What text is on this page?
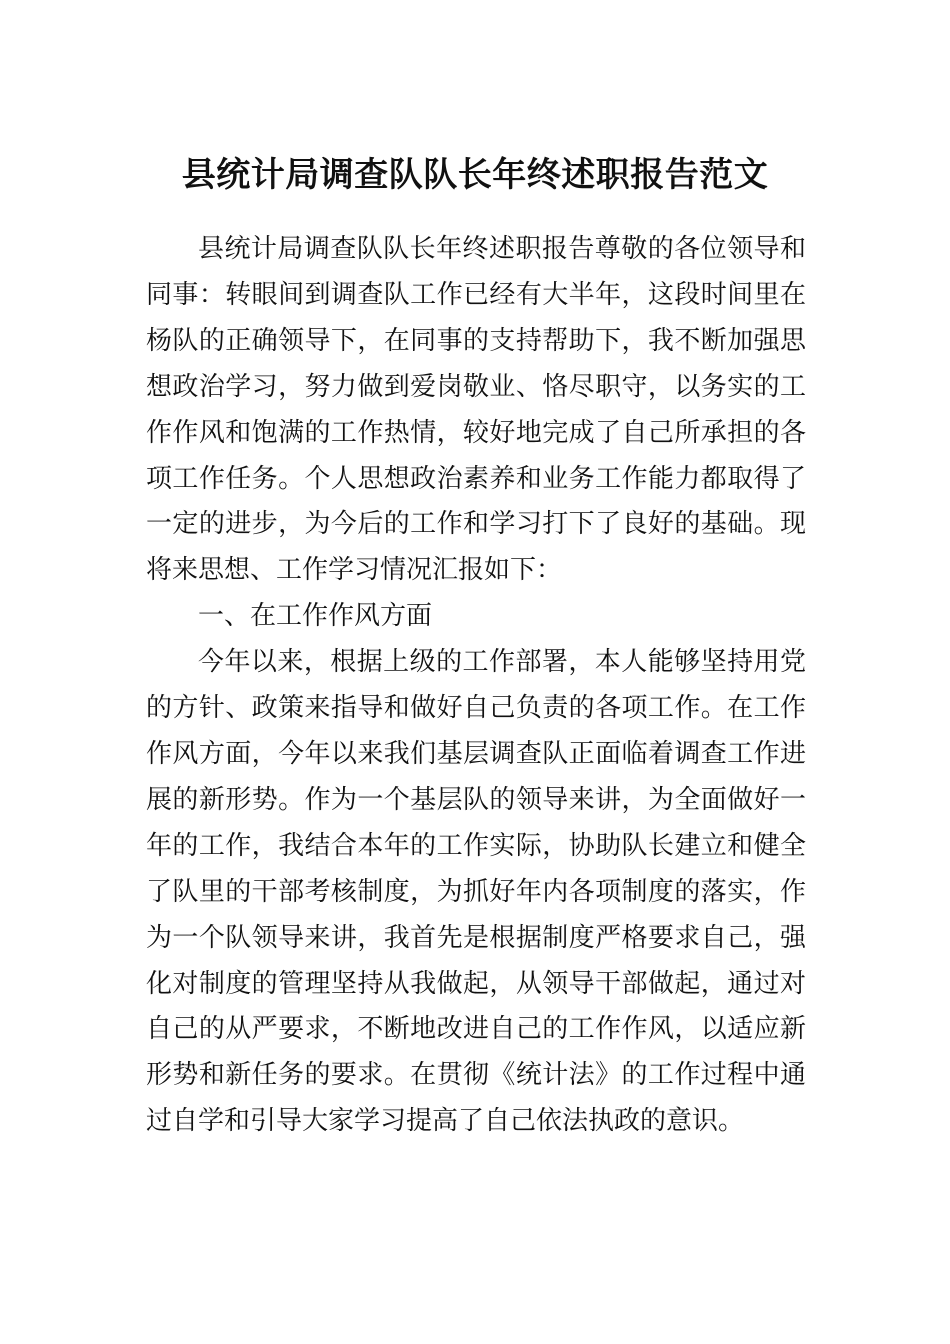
县统计局调查队队长年终述职报告范文

县统计局调查队队长年终述职报告尊敬的各位领导和同事：转眼间到调查队工作已经有大半年，这段时间里在杨队的正确领导下，在同事的支持帮助下，我不断加强思想政治学习，努力做到爱岗敬业、恪尽职守，以务实的工作作风和饱满的工作热情，较好地完成了自己所承担的各项工作任务。个人思想政治素养和业务工作能力都取得了一定的进步，为今后的工作和学习打下了良好的基础。现将来思想、工作学习情况汇报如下：

一、在工作作风方面

今年以来，根据上级的工作部署，本人能够坚持用党的方针、政策来指导和做好自己负责的各项工作。在工作作风方面，今年以来我们基层调查队正面临着调查工作进展的新形势。作为一个基层队的领导来讲，为全面做好一年的工作，我结合本年的工作实际，协助队长建立和健全了队里的干部考核制度，为抓好年内各项制度的落实，作为一个队领导来讲，我首先是根据制度严格要求自己，强化对制度的管理坚持从我做起，从领导干部做起，通过对自己的从严要求，不断地改进自己的工作作风，以适应新形势和新任务的要求。在贯彻《统计法》的工作过程中通过自学和引导大家学习提高了自己依法执政的意识。
